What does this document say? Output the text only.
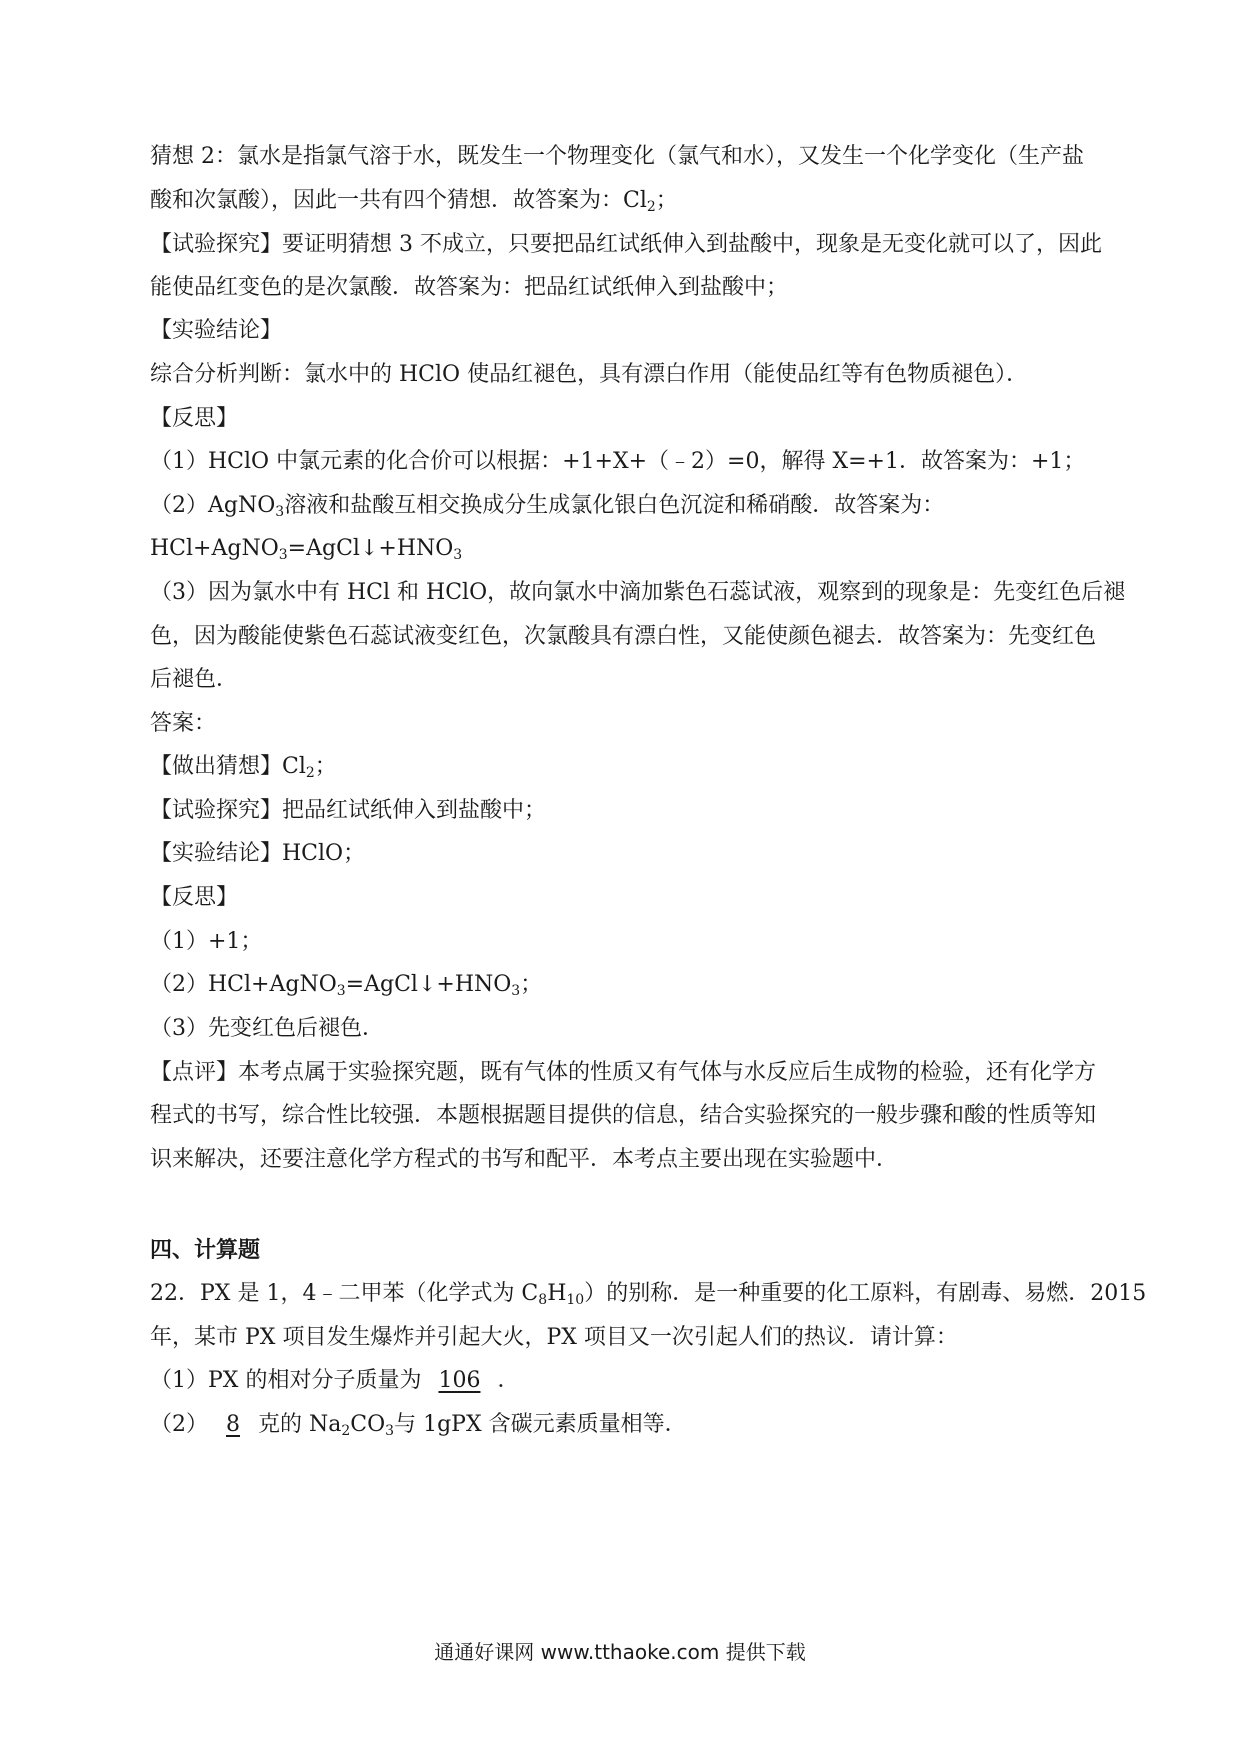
猜想 2：氯水是指氯气溶于水，既发生一个物理变化（氯气和水），又发生一个化学变化（生产盐
酸和次氯酸），因此一共有四个猜想．故答案为：$Cl_2$；
【试验探究】要证明猜想 3 不成立，只要把品红试纸伸入到盐酸中，现象是无变化就可以了，因此
能使品红变色的是次氯酸．故答案为：把品红试纸伸入到盐酸中；
【实验结论】
综合分析判断：氯水中的 HClO 使品红褪色，具有漂白作用（能使品红等有色物质褪色）．
【反思】
（1）HClO 中氯元素的化合价可以根据：+1+X+（﹣2）=0，解得 X=+1．故答案为：+1；
（2）AgNO$_3$溶液和盐酸互相交换成分生成氯化银白色沉淀和稀硝酸．故答案为：
$HCl+AgNO_3=AgCl↓+HNO_3$
（3）因为氯水中有 HCl 和 HClO，故向氯水中滴加紫色石蕊试液，观察到的现象是：先变红色后褪
色，因为酸能使紫色石蕊试液变红色，次氯酸具有漂白性，又能使颜色褪去．故答案为：先变红色
后褪色．
答案：
【做出猜想】$Cl_2$；
【试验探究】把品红试纸伸入到盐酸中；
【实验结论】HClO；
【反思】
（1）+1；
$(2)HCl+AgNO_3=AgCl↓+HNO_3$；
（3）先变红色后褪色．
【点评】本考点属于实验探究题，既有气体的性质又有气体与水反应后生成物的检验，还有化学方
程式的书写，综合性比较强．本题根据题目提供的信息，结合实验探究的一般步骤和酸的性质等知
识来解决，还要注意化学方程式的书写和配平．本考点主要出现在实验题中．
四、计算题
22．PX 是 1，4﹣二甲苯（化学式为 $C_8H_{10}$）的别称．是一种重要的化工原料，有剧毒、易燃．2015
年，某市 PX 项目发生爆炸并引起大火，PX 项目又一次引起人们的热议．请计算：
（1）PX 的相对分子质量为 106 ．
（2） 8 克的 $Na_2CO_3$与 1gPX 含碳元素质量相等．
通通好课网 www.tthaoke.com 提供下载
